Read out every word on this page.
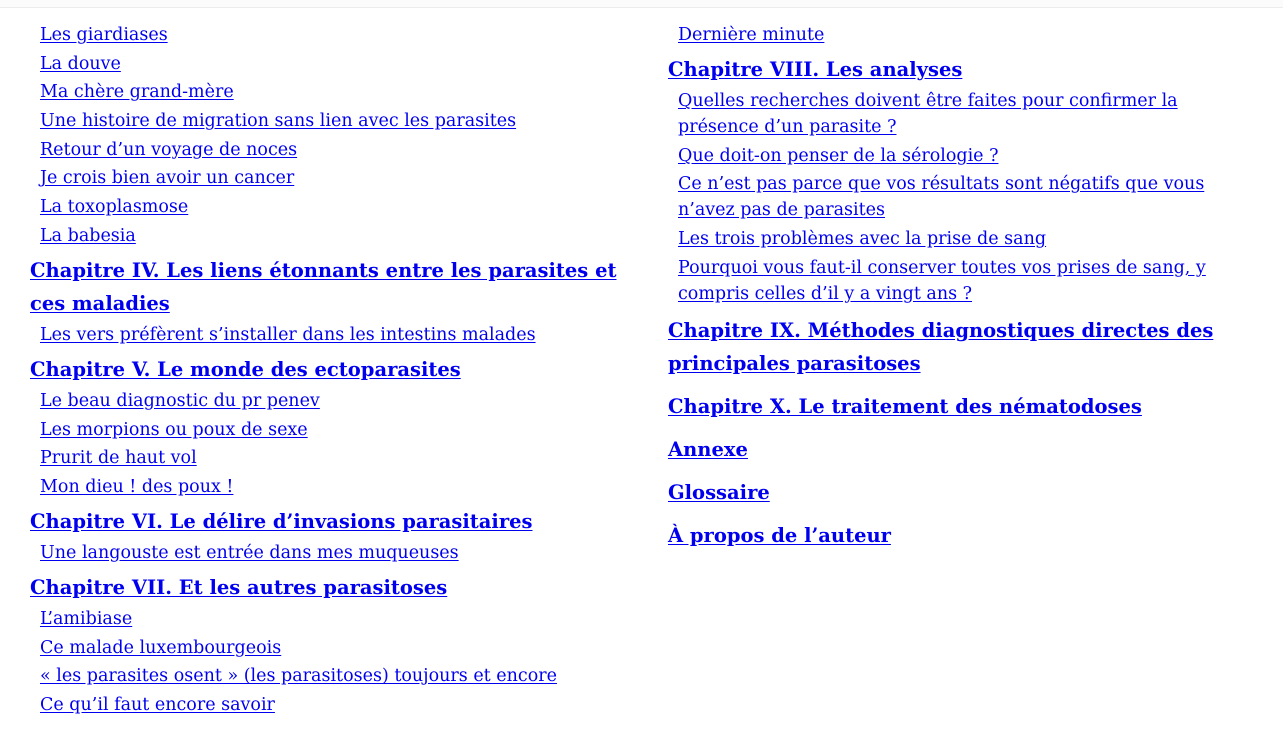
Les giardiases
La douve
Ma chère grand-mère
Une histoire de migration sans lien avec les parasites
Retour d’un voyage de noces
Je crois bien avoir un cancer
La toxoplasmose
La babesia
Chapitre IV. Les liens étonnants entre les parasites et ces maladies
Les vers préfèrent s’installer dans les intestins malades
Chapitre V. Le monde des ectoparasites
Le beau diagnostic du pr penev
Les morpions ou poux de sexe
Prurit de haut vol
Mon dieu ! des poux !
Chapitre VI. Le délire d’invasions parasitaires
Une langouste est entrée dans mes muqueuses
Chapitre VII. Et les autres parasitoses
L’amibiase
Ce malade luxembourgeois
« les parasites osent » (les parasitoses) toujours et encore
Ce qu’il faut encore savoir
Dernière minute
Chapitre VIII. Les analyses
Quelles recherches doivent être faites pour confirmer la présence d’un parasite ?
Que doit-on penser de la sérologie ?
Ce n’est pas parce que vos résultats sont négatifs que vous n’avez pas de parasites
Les trois problèmes avec la prise de sang
Pourquoi vous faut-il conserver toutes vos prises de sang, y compris celles d’il y a vingt ans ?
Chapitre IX. Méthodes diagnostiques directes des principales parasitoses
Chapitre X. Le traitement des nématodoses
Annexe
Glossaire
À propos de l’auteur
